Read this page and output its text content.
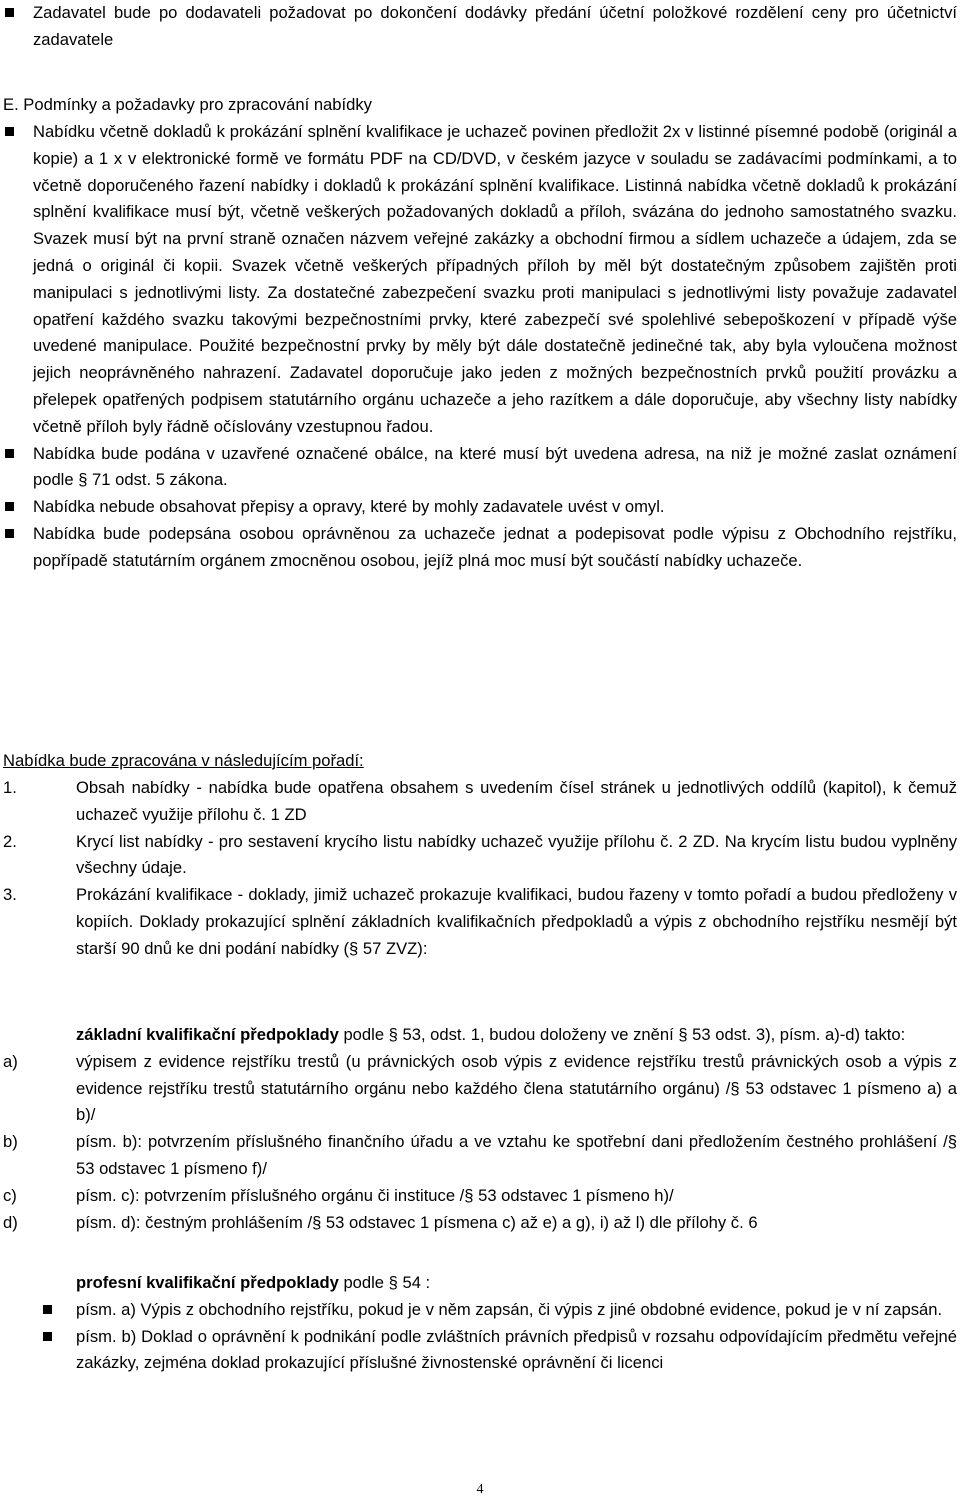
Zadavatel bude po dodavateli požadovat po dokončení dodávky předání účetní položkové rozdělení ceny pro účetnictví zadavatele
E. Podmínky a požadavky pro zpracování nabídky
Nabídku včetně dokladů k prokázání splnění kvalifikace je uchazeč povinen předložit 2x v listinné písemné podobě (originál a kopie) a 1 x v elektronické formě ve formátu PDF na CD/DVD, v českém jazyce v souladu se zadávacími podmínkami, a to včetně doporučeného řazení nabídky i dokladů k prokázání splnění kvalifikace. Listinná nabídka včetně dokladů k prokázání splnění kvalifikace musí být, včetně veškerých požadovaných dokladů a příloh, svázána do jednoho samostatného svazku. Svazek musí být na první straně označen názvem veřejné zakázky a obchodní firmou a sídlem uchazeče a údajem, zda se jedná o originál či kopii. Svazek včetně veškerých případných příloh by měl být dostatečným způsobem zajištěn proti manipulaci s jednotlivými listy. Za dostatečné zabezpečení svazku proti manipulaci s jednotlivými listy považuje zadavatel opatření každého svazku takovými bezpečnostními prvky, které zabezpečí své spolehlivé sebepoškození v případě výše uvedené manipulace. Použité bezpečnostní prvky by měly být dále dostatečně jedinečné tak, aby byla vyloučena možnost jejich neoprávněného nahrazení. Zadavatel doporučuje jako jeden z možných bezpečnostních prvků použití provázku a přelepek opatřených podpisem statutárního orgánu uchazeče a jeho razítkem a dále doporučuje, aby všechny listy nabídky včetně příloh byly řádně očíslovány vzestupnou řadou.
Nabídka bude podána v uzavřené označené obálce, na které musí být uvedena adresa, na niž je možné zaslat oznámení podle § 71 odst. 5 zákona.
Nabídka nebude obsahovat přepisy a opravy, které by mohly zadavatele uvést v omyl.
Nabídka bude podepsána osobou oprávněnou za uchazeče jednat a podepisovat podle výpisu z Obchodního rejstříku, popřípadě statutárním orgánem zmocněnou osobou, jejíž plná moc musí být součástí nabídky uchazeče.
Nabídka bude zpracována v následujícím pořadí:
1.	Obsah nabídky - nabídka bude opatřena obsahem s uvedením čísel stránek u jednotlivých oddílů (kapitol), k čemuž uchazeč využije přílohu č. 1 ZD
2.	Krycí list nabídky - pro sestavení krycího listu nabídky uchazeč využije přílohu č. 2 ZD. Na krycím listu budou vyplněny všechny údaje.
3.	Prokázání kvalifikace - doklady, jimiž uchazeč prokazuje kvalifikaci, budou řazeny v tomto pořadí a budou předloženy v kopiích. Doklady prokazující splnění základních kvalifikačních předpokladů a výpis z obchodního rejstříku nesmějí být starší 90 dnů ke dni podání nabídky (§ 57 ZVZ):
základní kvalifikační předpoklady podle § 53, odst. 1, budou doloženy ve znění § 53 odst. 3), písm. a)-d) takto:
a)	výpisem z evidence rejstříku trestů (u právnických osob výpis z evidence rejstříku trestů právnických osob a výpis z evidence rejstříku trestů statutárního orgánu nebo každého člena statutárního orgánu) /§ 53 odstavec 1 písmeno a) a b)/
b)	písm. b): potvrzením příslušného finančního úřadu a ve vztahu ke spotřební dani předložením čestného prohlášení /§ 53 odstavec 1 písmeno f)/
c)	písm. c): potvrzením příslušného orgánu či instituce /§ 53 odstavec 1 písmeno h)/
d)	písm. d): čestným prohlášením /§ 53 odstavec 1 písmena c) až e) a g), i) až l) dle přílohy č. 6
profesní kvalifikační předpoklady podle § 54 :
písm. a) Výpis z obchodního rejstříku, pokud je v něm zapsán, či výpis z jiné obdobné evidence, pokud je v ní zapsán.
písm. b) Doklad o oprávnění k podnikání podle zvláštních právních předpisů v rozsahu odpovídajícím předmětu veřejné zakázky, zejména doklad prokazující příslušné živnostenské oprávnění či licenci
4
